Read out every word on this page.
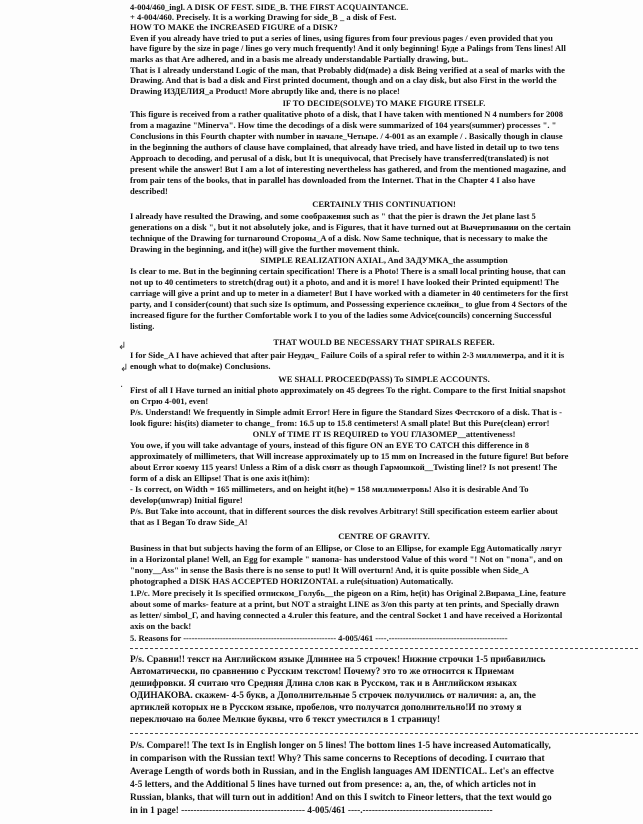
4-004/460_ingl. A DISK OF FEST. SIDE_B. THE FIRST ACQUAINTANCE.
+ 4-004/460. Precisely. It is a working Drawing for side_B _ a disk of Fest.
HOW TO MAKE the INCREASED FIGURE of a DISK?
Even if you already have tried to put a series of lines, using figures from four previous pages / even provided that you
have figure by the size in page / lines go very much frequently! And it only beginning! Буде a Palings from Tens lines! All
marks as that Are adhered, and in a basis me already understandable Partially drawing, but..
That is I already understand Logic of the man, that Probably did(made) a disk Being verified at a seal of marks with the
Drawing. And that is bad a disk and First printed document, though and on a clay disk, but also First in the world the
Drawing ИЗДЕЛИЯ_a Product! More abruptly like and, there is no place!
IF TO DECIDE(SOLVE) TO MAKE FIGURE ITSELF.
This figure is received from a rather qualitative photo of a disk, that I have taken with mentioned N 4 numbers for 2008
from a magazine "Minerva". How time the decodings of a disk were summarized of 104 years(summer) processes ". "
Conclusions in this Fourth chapter with number in начале_Четыре. / 4-001 as an example / . Basically though in clause
in the beginning the authors of clause have complained, that already have tried, and have listed in detail up to two tens
Approach to decoding, and perusal of a disk, but It is unequivocal, that Precisely have transferred(translated) is not
present while the answer! But I am a lot of interesting nevertheless has gathered, and from the mentioned magazine, and
from pair tens of the books, that in parallel has downloaded from the Internet. That in the Chapter 4 I also have
described!
CERTAINLY THIS CONTINUATION!
I already have resulted the Drawing, and some соображения such as " that the pier is drawn the Jet plane last 5
generations on a disk ", but it not absolutely joke, and is Figures, that it have turned out at Вычертивании on the certain
technique of the Drawing for turnaround Стороны_A of a disk. Now Same technique, that is necessary to make the
Drawing in the beginning, and it(he) will give the further movement think.
SIMPLE REALIZATION AXIAL, And ЗАДУМКА_the assumption
Is clear to me. But in the beginning certain specification! There is a Photo! There is a small local printing house, that can
not up to 40 centimeters to stretch(drag out) it a photo, and and it is more! I have looked their Printed equipment! The
carriage will give a print and up to meter in a diameter! But I have worked with a diameter in 40 centimeters for the first
party, and I consider(count) that such size Is optimum, and Possessing experience склейки_ to glue from 4 Sectors of the
increased figure for the further Comfortable work I to you of the ladies some Advice(councils) concerning Successful
listing.
THAT WOULD BE NECESSARY THAT SPIRALS REFER.
I for Side_A I have achieved that after pair Неудач_ Failure Coils of a spiral refer to within 2-3 миллиметра, and it it is
enough what to do(make) Conclusions.
WE SHALL PROCEED(PASS) To SIMPLE ACCOUNTS.
First of all I Have turned an initial photo approximately on 45 degrees To the right. Compare to the first Initial snapshot
on Стрю 4-001, even!
P/s. Understand! We frequently in Simple admit Error! Here in figure the Standard Sizes Фестского of a disk. That is -
look figure: his(its) diameter to change_ from: 16.5 up to 15.8 centimeters! A small plate! But this Pure(clean) error!
ONLY of TIME IT IS REQUIRED to YOU ГЛАЗОМЕР__attentiveness!
You owe, if you will take advantage of yours, instead of this figure ON an EYE TO CATCH this difference in 8
approximately of millimeters, that Will increase approximately up to 15 mm on Increased in the future figure! But before
about Error коему 115 years! Unless a Rim of a disk смят as though Гармошкой__Twisting line!? Is not present! The
form of a disk an Ellipse! That is one axis it(him):
- Is correct, on Width = 165 millimeters, and on height it(he) = 158 миллиметровь! Also it is desirable And To
develop(unwrap) Initial figure!
P/s. But Take into account, that in different sources the disk revolves Arbitrary! Still specification esteem earlier about
that as I Began To draw Side_A!
CENTRE OF GRAVITY.
Business in that but subjects having the form of an Ellipse, or Close to an Ellipse, for example Egg Automatically лягут
in a Horizontal plane! Well, an Egg for example " напопа- has understood Value of this word "! Not on "попа", and on
"nопу__Ass" in sense the Basis there is no sense to put! It Will overturn! And, it is quite possible when Side_A
photographed a DISK HAS ACCEPTED HORIZONTAL a rule(situation) Automatically.
1.P/c. More precisely it Is specified отписком_Голубь__the pigeon on a Rim, he(it) has Original 2.Вирама_Line, feature
about some of marks- feature at a print, but NOT a straight LINE as 3/on this party at ten prints, and Specially drawn
as letter/ simbol_Г, and having connected a 4.ruler this feature, and the central Socket 1 and have received a Horizontal
axis on the back!
5. Reasons for ------------------------------------------------------ 4-005/461 ----.------------------------------------------
P/s. Сравни!! текст на Английском языке Длиннее на 5 строчек! Нижние строчки 1-5 прибавились
Автоматически, по сравнению с Русским текстом! Почему? это то же относится к Приемам
дешифровки. Я считаю что Средняя Длина слов как в Русском, так и в Английском языках
ОДИНАКОВА. скажем- 4-5 букв, а Дополнительные 5 строчек получились от наличия: а, an, the
артиклей которых не в Русском языке, пробелов, что получатся дополнительно!И по этому я
переключаю на более Мелкие буквы, что б текст уместился в 1 страницу!
P/s. Compare!! The text Is in English longer on 5 lines! The bottom lines 1-5 have increased Automatically,
in comparison with the Russian text! Why? This same concerns to Receptions of decoding. I считаю that
Average Length of words both in Russian, and in the English languages AM IDENTICAL. Let's an effectve
4-5 letters, and the Additional 5 lines have turned out from presence: a, an, the, of which articles not in
Russian, blanks, that will turn out in addition! And on this I switch to Fineor letters, that the text would go
in in 1 page! ---------------------------------------- 4-005/461 ----.------------------------------------------
↲
↲
·
